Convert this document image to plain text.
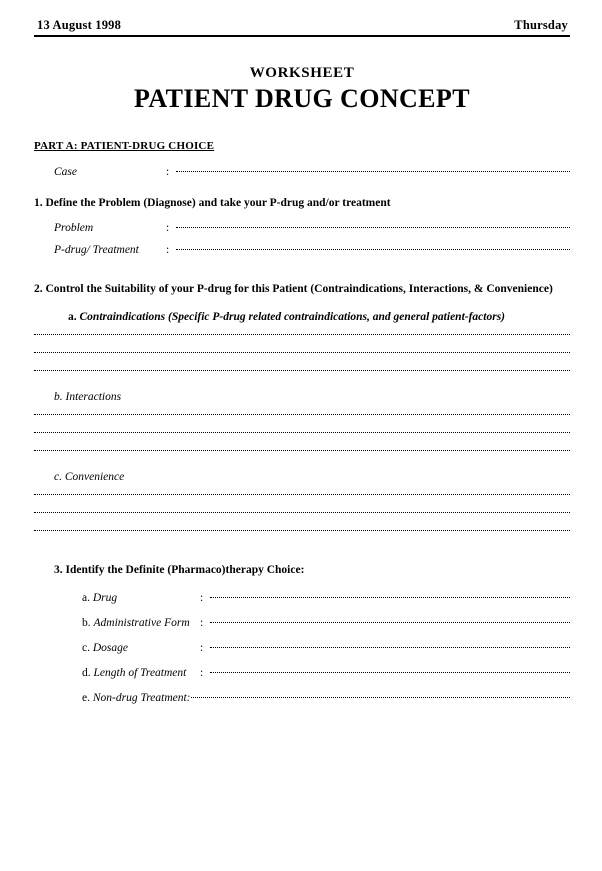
13 August 1998	Thursday
WORKSHEET
PATIENT DRUG CONCEPT
PART A: PATIENT-DRUG CHOICE
Case	:
1. Define the Problem (Diagnose) and take your P-drug and/or treatment
Problem	:
P-drug/ Treatment	:
2. Control the Suitability of your P-drug for this Patient (Contraindications, Interactions, & Convenience)
a. Contraindications (Specific P-drug related contraindications, and general patient-factors)
b. Interactions
c. Convenience
3. Identify the Definite (Pharmaco)therapy Choice:
a. Drug	:
b. Administrative Form :
c. Dosage	:
d. Length of Treatment	:
e. Non-drug Treatment:
